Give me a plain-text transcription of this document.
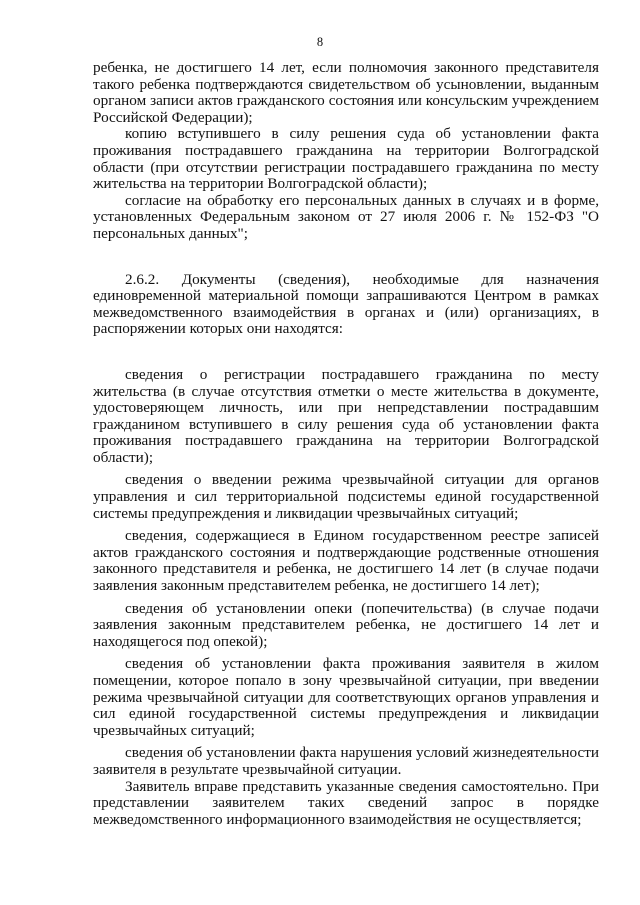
8

ребенка, не достигшего 14 лет, если полномочия законного представителя такого ребенка подтверждаются свидетельством об усыновлении, выданным органом записи актов гражданского состояния или консульским учреждением Российской Федерации);

копию вступившего в силу решения суда об установлении факта проживания пострадавшего гражданина на территории Волгоградской области (при отсутствии регистрации пострадавшего гражданина по месту жительства на территории Волгоградской области);

согласие на обработку его персональных данных в случаях и в форме, установленных Федеральным законом от 27 июля 2006 г. № 152-ФЗ "О персональных данных";

2.6.2. Документы (сведения), необходимые для назначения единовременной материальной помощи запрашиваются Центром в рамках межведомственного взаимодействия в органах и (или) организациях, в распоряжении которых они находятся:

сведения о регистрации пострадавшего гражданина по месту жительства (в случае отсутствия отметки о месте жительства в документе, удостоверяющем личность, или при непредставлении пострадавшим гражданином вступившего в силу решения суда об установлении факта проживания пострадавшего гражданина на территории Волгоградской области);

сведения о введении режима чрезвычайной ситуации для органов управления и сил территориальной подсистемы единой государственной системы предупреждения и ликвидации чрезвычайных ситуаций;

сведения, содержащиеся в Едином государственном реестре записей актов гражданского состояния и подтверждающие родственные отношения законного представителя и ребенка, не достигшего 14 лет (в случае подачи заявления законным представителем ребенка, не достигшего 14 лет);

сведения об установлении опеки (попечительства) (в случае подачи заявления законным представителем ребенка, не достигшего 14 лет и находящегося под опекой);

сведения об установлении факта проживания заявителя в жилом помещении, которое попало в зону чрезвычайной ситуации, при введении режима чрезвычайной ситуации для соответствующих органов управления и сил единой государственной системы предупреждения и ликвидации чрезвычайных ситуаций;

сведения об установлении факта нарушения условий жизнедеятельности заявителя в результате чрезвычайной ситуации.

Заявитель вправе представить указанные сведения самостоятельно. При представлении заявителем таких сведений запрос в порядке межведомственного информационного взаимодействия не осуществляется;
